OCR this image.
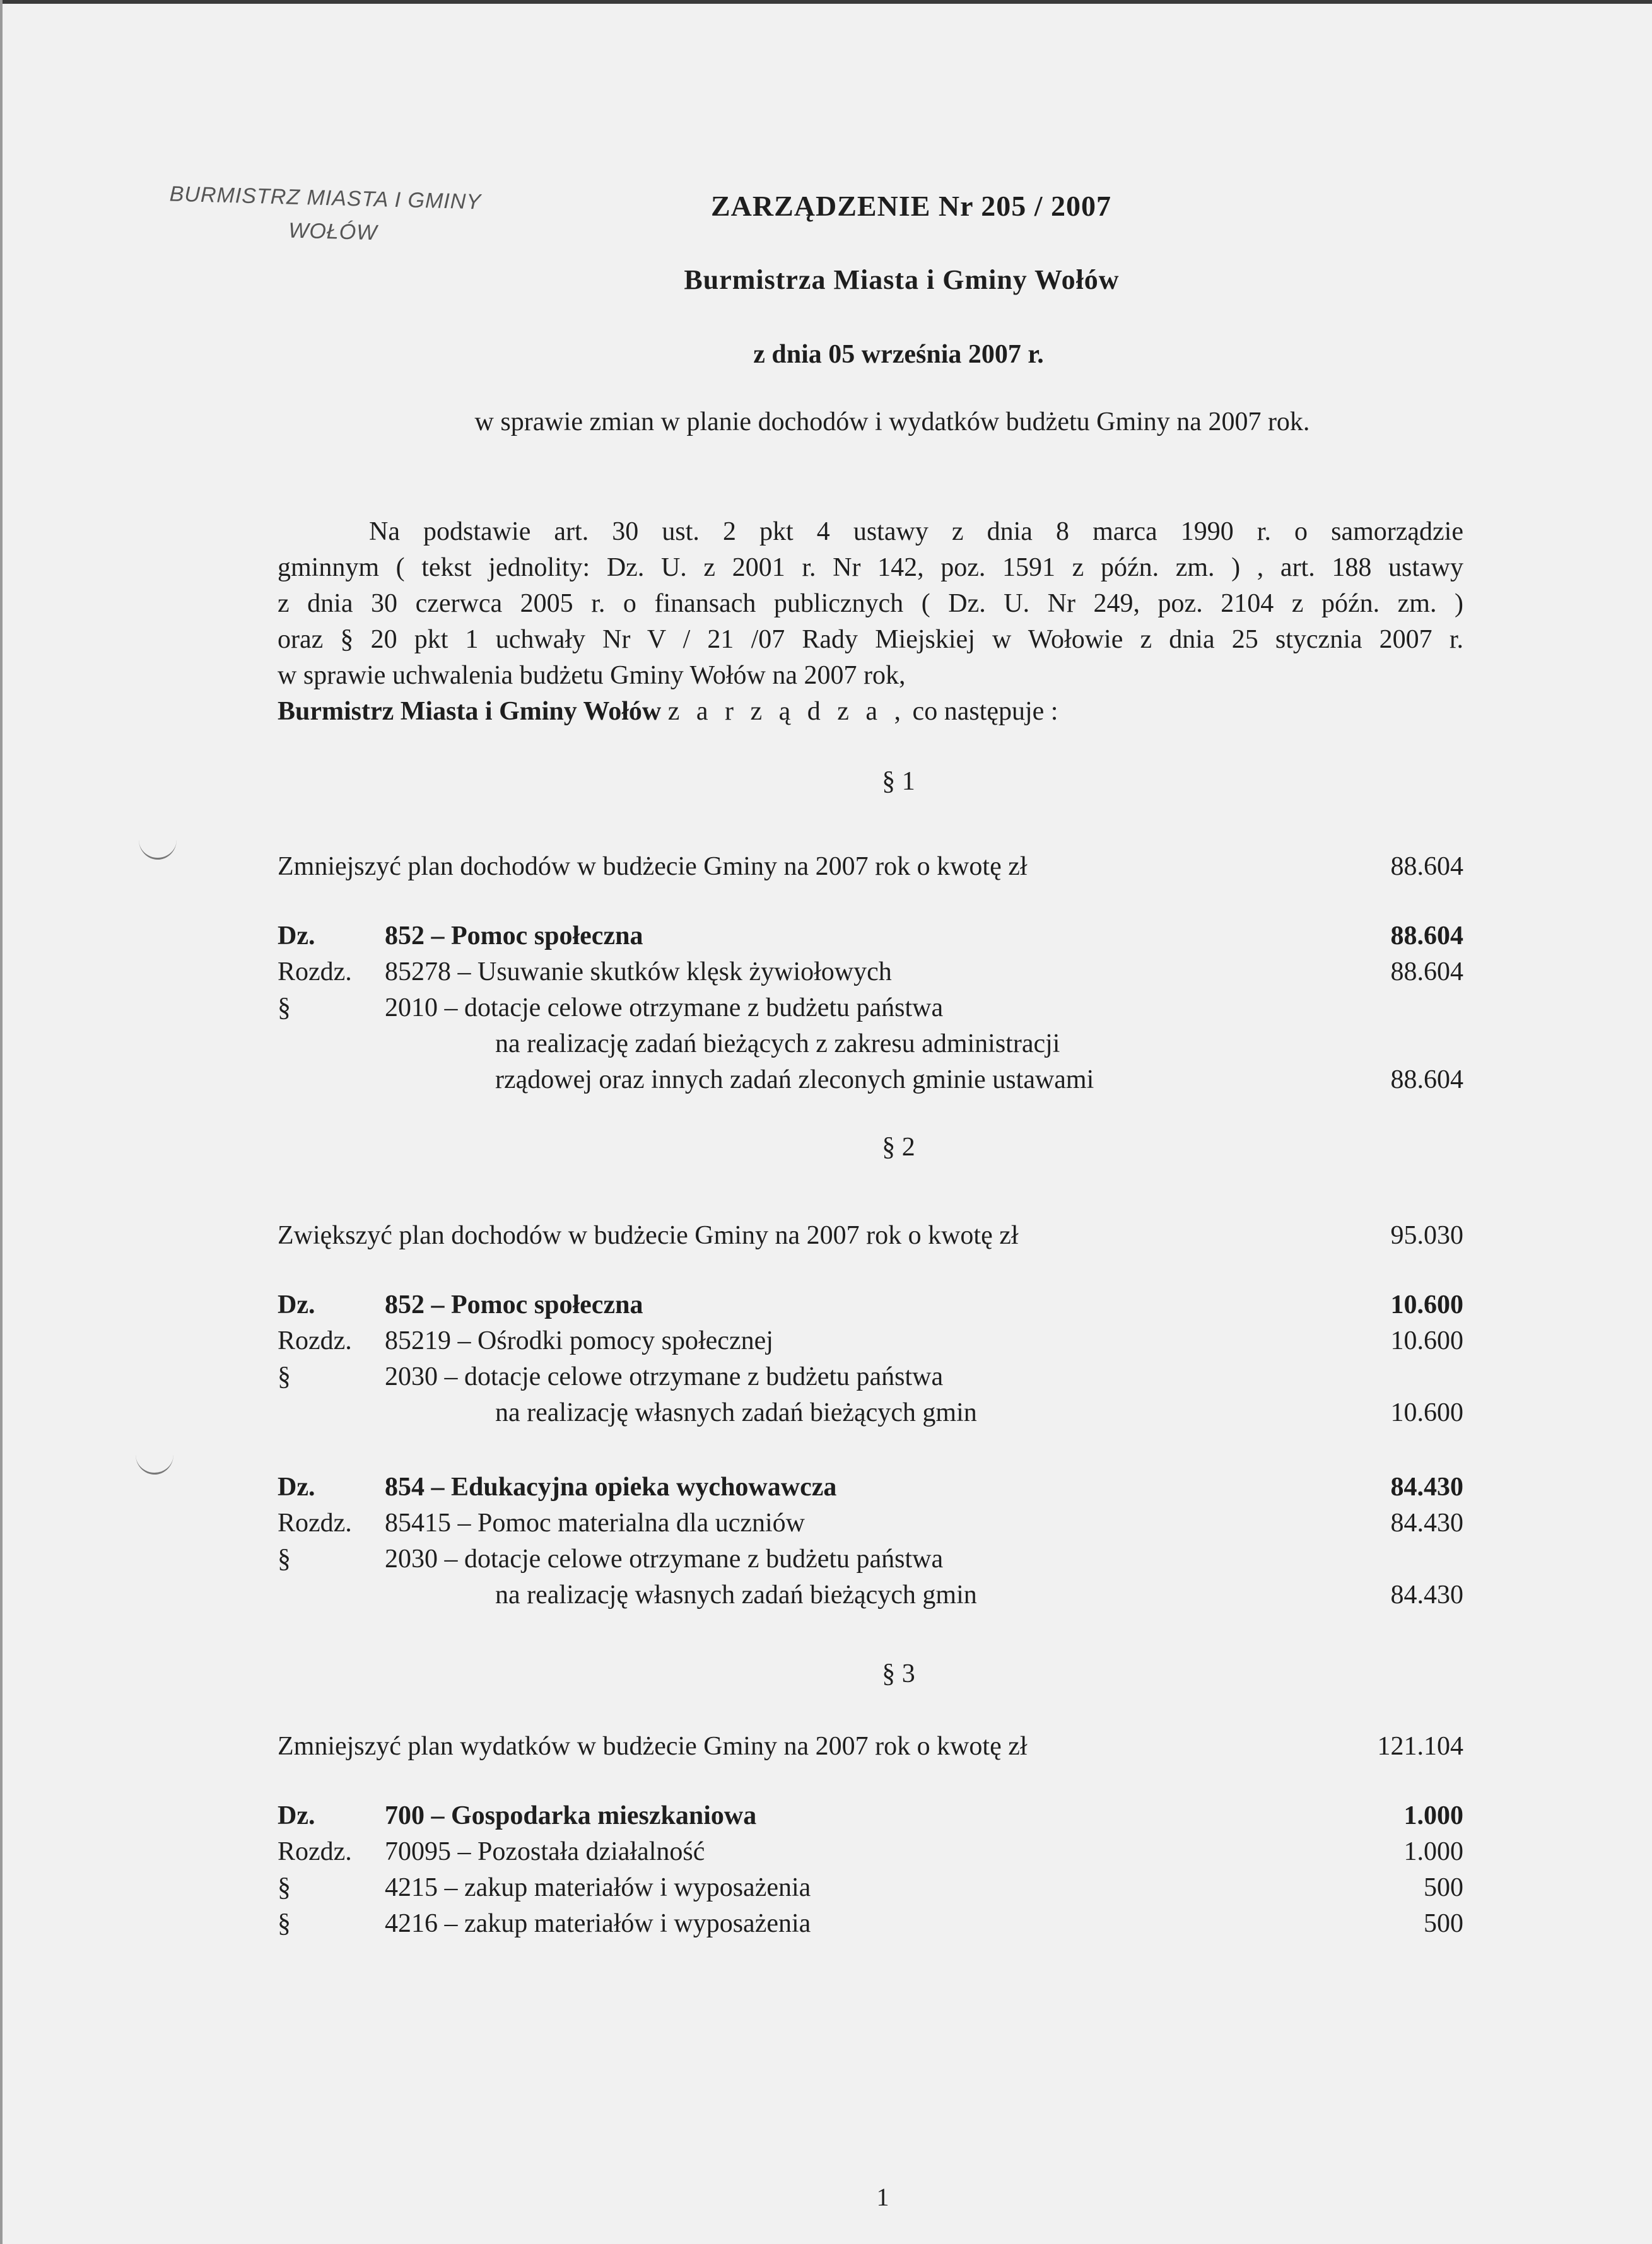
BURMISTRZ MIASTA I GMINY
WOŁÓW
ZARZĄDZENIE Nr 205 / 2007
Burmistrza Miasta i Gminy Wołów
z dnia 05 września 2007 r.
w sprawie zmian w planie dochodów i wydatków budżetu Gminy na 2007 rok.

Na podstawie art. 30 ust. 2 pkt 4 ustawy z dnia 8 marca 1990 r. o samorządzie

gminnym ( tekst jednolity: Dz. U. z 2001 r. Nr 142, poz. 1591 z późn. zm. ) , art. 188 ustawy

z dnia 30 czerwca 2005 r. o finansach publicznych ( Dz. U. Nr 249, poz. 2104 z późn. zm. )

oraz § 20 pkt 1 uchwały Nr V / 21 /07 Rady Miejskiej w Wołowie z dnia 25 stycznia 2007 r.

w sprawie uchwalenia budżetu Gminy Wołów na 2007 rok,

Burmistrz Miasta i Gminy Wołów z a r z ą d z a , co następuje :

§ 1
§ 2
§ 3
Zmniejszyć plan dochodów w budżecie Gminy na 2007 rok o kwotę zł	88.604
Dz.	852 – Pomoc społeczna	88.604
Rozdz. 85278 – Usuwanie skutków klęsk żywiołowych	88.604
§	2010 – dotacje celowe otrzymane z budżetu państwa
na realizację zadań bieżących z zakresu administracji
rządowej oraz innych zadań zleconych gminie ustawami	88.604
Zwiększyć plan dochodów w budżecie Gminy na 2007 rok o kwotę zł	95.030
Dz.	852 – Pomoc społeczna	10.600
Rozdz. 85219 – Ośrodki pomocy społecznej	10.600
§	2030 – dotacje celowe otrzymane z budżetu państwa
na realizację własnych zadań bieżących gmin	10.600
Dz.	854 – Edukacyjna opieka wychowawcza	84.430
Rozdz. 85415 – Pomoc materialna dla uczniów	84.430
§	2030 – dotacje celowe otrzymane z budżetu państwa
na realizację własnych zadań bieżących gmin	84.430
Zmniejszyć plan wydatków w budżecie Gminy na 2007 rok o kwotę zł	121.104
Dz.	700 – Gospodarka mieszkaniowa	1.000
Rozdz. 70095 – Pozostała działalność	1.000
§	4215 – zakup materiałów i wyposażenia	500
§	4216 – zakup materiałów i wyposażenia	500
1
